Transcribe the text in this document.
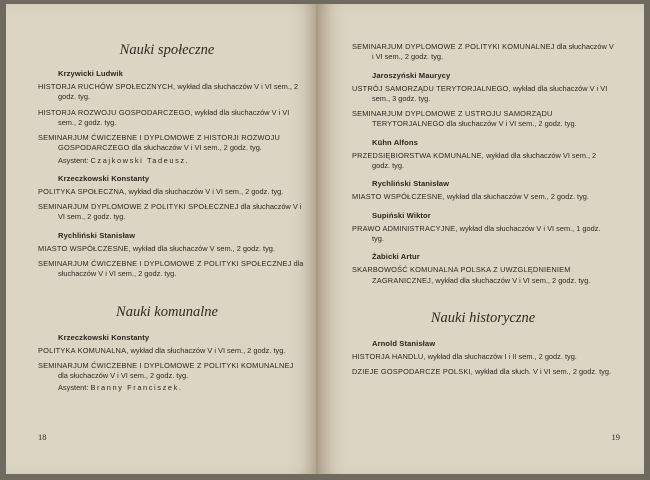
Nauki społeczne
Krzywicki Ludwik
HISTORJA RUCHÓW SPOŁECZNYCH, wykład dla słuchaczów V i VI sem., 2 godz. tyg.
HISTORJA ROZWOJU GOSPODARCZEGO, wykład dla słuchaczów V i VI sem., 2 godz. tyg.
SEMINARJUM ĆWICZEBNE I DYPLOMOWE Z HISTORJI ROZWOJU GOSPODARCZEGO dla słuchaczów V i VI sem., 2 godz. tyg.
Asystent: Czajkowski Tadeusz.
Krzeczkowski Konstanty
POLITYKA SPOŁECZNA, wykład dla słuchaczów V i VI sem., 2 godz. tyg.
SEMINARJUM DYPLOMOWE Z POLITYKI SPOŁECZNEJ dla słuchaczów V i VI sem., 2 godz. tyg.
Rychliński Stanisław
MIASTO WSPÓŁCZESNE, wykład dla słuchaczów V sem., 2 godz. tyg.
SEMINARJUM ĆWICZEBNE I DYPLOMOWE Z POLITYKI SPOŁECZNEJ dla słuchaczów V i VI sem., 2 godz. tyg.
Nauki komunalne
Krzeczkowski Konstanty
POLITYKA KOMUNALNA, wykład dla słuchaczów V i VI sem., 2 godz. tyg.
SEMINARJUM ĆWICZEBNE I DYPLOMOWE Z POLITYKI KOMUNALNEJ dla słuchaczów V i VI sem., 2 godz. tyg.
Asystent: Branny Franciszek.
18
SEMINARJUM DYPLOMOWE Z POLITYKI KOMUNALNEJ dla słuchaczów V i VI sem., 2 godz. tyg.
Jaroszyński Maurycy
USTRÓJ SAMORZĄDU TERYTORJALNEGO, wykład dla słuchaczów V i VI sem., 3 godz. tyg.
SEMINARJUM DYPLOMOWE Z USTROJU SAMORZĄDU TERYTORJALNEGO dla słuchaczów V i VI sem., 2 godz. tyg.
Kühn Alfons
PRZEDSIĘBIORSTWA KOMUNALNE, wykład dla słuchaczów VI sem., 2 godz. tyg.
Rychliński Stanisław
MIASTO WSPÓŁCZESNE, wykład dla słuchaczów V sem., 2 godz. tyg.
Supiński Wiktor
PRAWO ADMINISTRACYJNE, wykład dla słuchaczów V i VI sem., 1 godz. tyg.
Żabicki Artur
SKARBOWOŚĆ KOMUNALNA POLSKA Z UWZGLĘDNIENIEM ZAGRANICZNEJ, wykład dla słuchaczów V i VI sem., 2 godz. tyg.
Nauki historyczne
Arnold Stanisław
HISTORJA HANDLU, wykład dla słuchaczów I i II sem., 2 godz. tyg.
DZIEJE GOSPODARCZE POLSKI, wykład dla słuch. V i VI sem., 2 godz. tyg.
19
